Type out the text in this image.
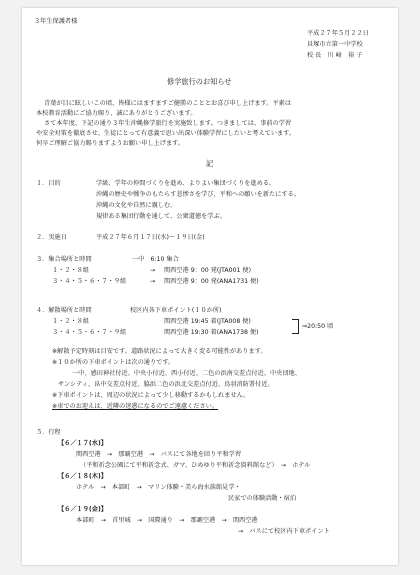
３年生保護者様
平成２７年５月２２日
貝塚市立第一中学校
校 長　川 﨑　裕 子
修学旅行のお知らせ
青葉が目に眩しいこの頃、皆様にはますますご健勝のこととお喜び申し上げます。平素は
本校教育活動にご協力賜り、誠にありがとうございます。
さて本年度、下記の通り３年生沖縄修学旅行を実施致します。つきましては、事前の学習
や安全対策を徹底させ、生徒にとって有意義で思い出深い体験学習にしたいと考えています。
何卒ご理解ご協力賜りますようお願い申し上げます。
記
１．目的	学級、学年の仲間づくりを進め、よりよい集団づくりを進める。
沖縄の歴史や戦争のもたらす悲惨さを学び、平和への願いを新たにする。
沖縄の文化や自然に親しむ。
規律ある集団行動を通して、公衆道徳を学ぶ。
２．実施日	平成２７年６月１７日(水)～１９日(金)
３．集合場所と時間	一中　6:10 集合
１・２・８組	→ 関西空港 9：00 発(JTA001 便)
３・４・５・６・７・９組	→ 関西空港 9：00 発(ANA1731 便)
４．解散場所と時間	校区内各下車ポイント(１０か所)
１・２・８組	関西空港 19:45 着(JTA008 便)
３・４・５・６・７・９組	関西空港 19:30 着(ANA1738 便)
⇒20:50 頃
※解散予定時刻は目安です。道路状況によって大きく変る可能性があります。
※１０か所の下車ポイントは次の通りです。
一中、感田神社付近、中央小付近、西小付近、二色の浜南交差点付近、中央団地、
サンシティ、畠中交差点付近、脇浜二色の浜北交差点付近、鳥羽消防署付近。
※下車ポイントは、周辺の状況によって少し移動するかもしれません。
※車でのお迎えは、近隣の迷惑になるのでご遠慮ください。
５．行程
【６／１７(水)】
関西空港　→　那覇空港　→　バスにて各地を回り平和学習
（平和祈念公園にて平和祈念式、ガマ、ひめゆり平和祈念資料館など）　→　ホテル
【６／１８(木)】
ホテル　→　本部町　→　マリン体験・美ら海水族館見学・
民家での体験活動・宿泊
【６／１９(金)】
本部町　→　首里城　→　国際通り　→　那覇空港　→　関西空港
→　バスにて校区内下車ポイント
